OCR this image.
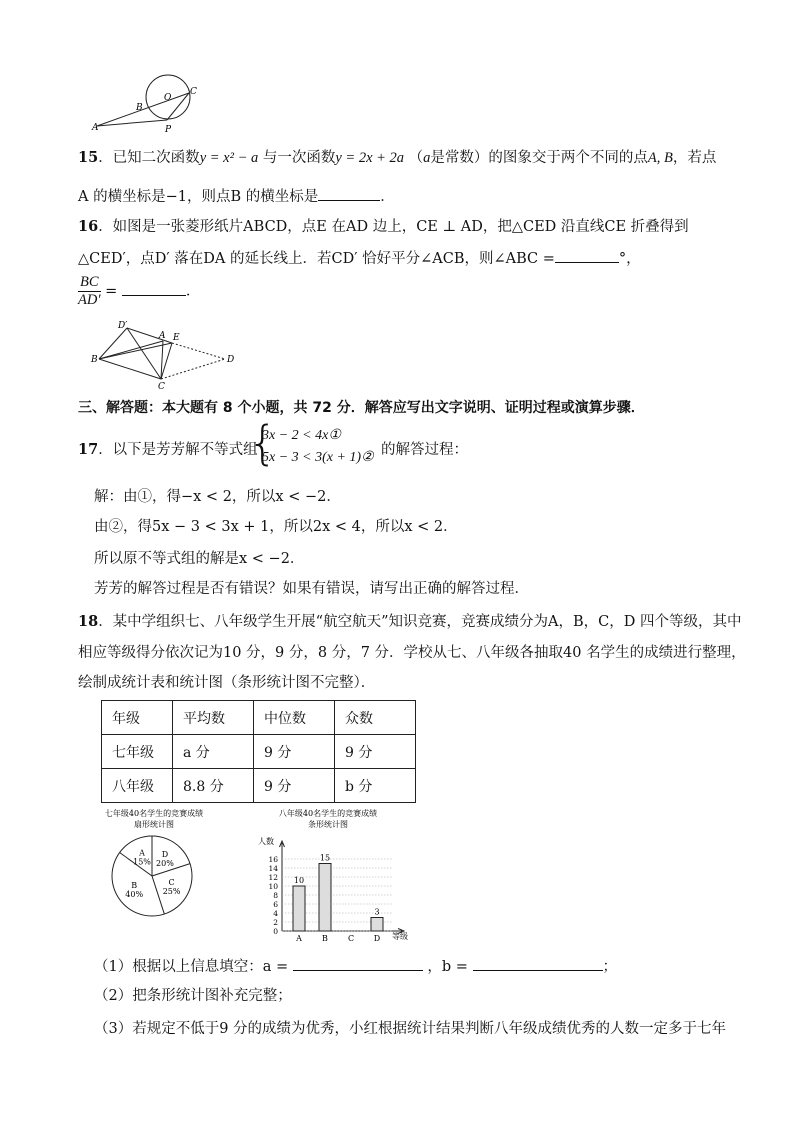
A
B
O
C
P
15．已知二次函数y = x² − a 与一次函数y = 2x + 2a （a是常数）的图象交于两个不同的点A, B，若点
A 的横坐标是−1，则点B 的横坐标是	．
16．如图是一张菱形纸片ABCD，点E 在AD 边上，CE ⊥ AD，把△CED 沿直线CE 折叠得到
△CED′，点D′ 落在DA 的延长线上．若CD′ 恰好平分∠ACB，则∠ABC =	°，
$\frac{BC}{AD'}$ =	．
D′
A E
B	D
C
三、解答题：本大题有 8 个小题，共 72 分．解答应写出文字说明、证明过程或演算步骤．
17．以下是芳芳解不等式组
{
3x − 2 < 4x①
5x − 3 < 3(x + 1)② 的解答过程：
解：由①，得−x < 2，所以x < −2．
由②，得5x − 3 < 3x + 1，所以2x < 4，所以x < 2．
所以原不等式组的解是x < −2．
芳芳的解答过程是否有错误？如果有错误，请写出正确的解答过程．
18．某中学组织七、八年级学生开展“航空航天”知识竞赛，竞赛成绩分为A，B，C，D 四个等级，其中
相应等级得分依次记为10 分，9 分，8 分，7 分．学校从七、八年级各抽取40 名学生的成绩进行整理，
绘制成统计表和统计图（条形统计图不完整）．
年级	平均数	中位数	众数
七年级	a 分	9 分	9 分
八年级	8.8 分	9 分	b 分
七年级40名学生的竞赛成绩
扇形统计图
A
15%
D
20%
C
25%
B
40%
八年级40名学生的竞赛成绩
条形统计图
人数
等级
0
2
4
6
8
10
12
14
16
A
10
B
15
C D
3
（1）根据以上信息填空：a =	，b =	；
（2）把条形统计图补充完整；
（3）若规定不低于9 分的成绩为优秀，小红根据统计结果判断八年级成绩优秀的人数一定多于七年
